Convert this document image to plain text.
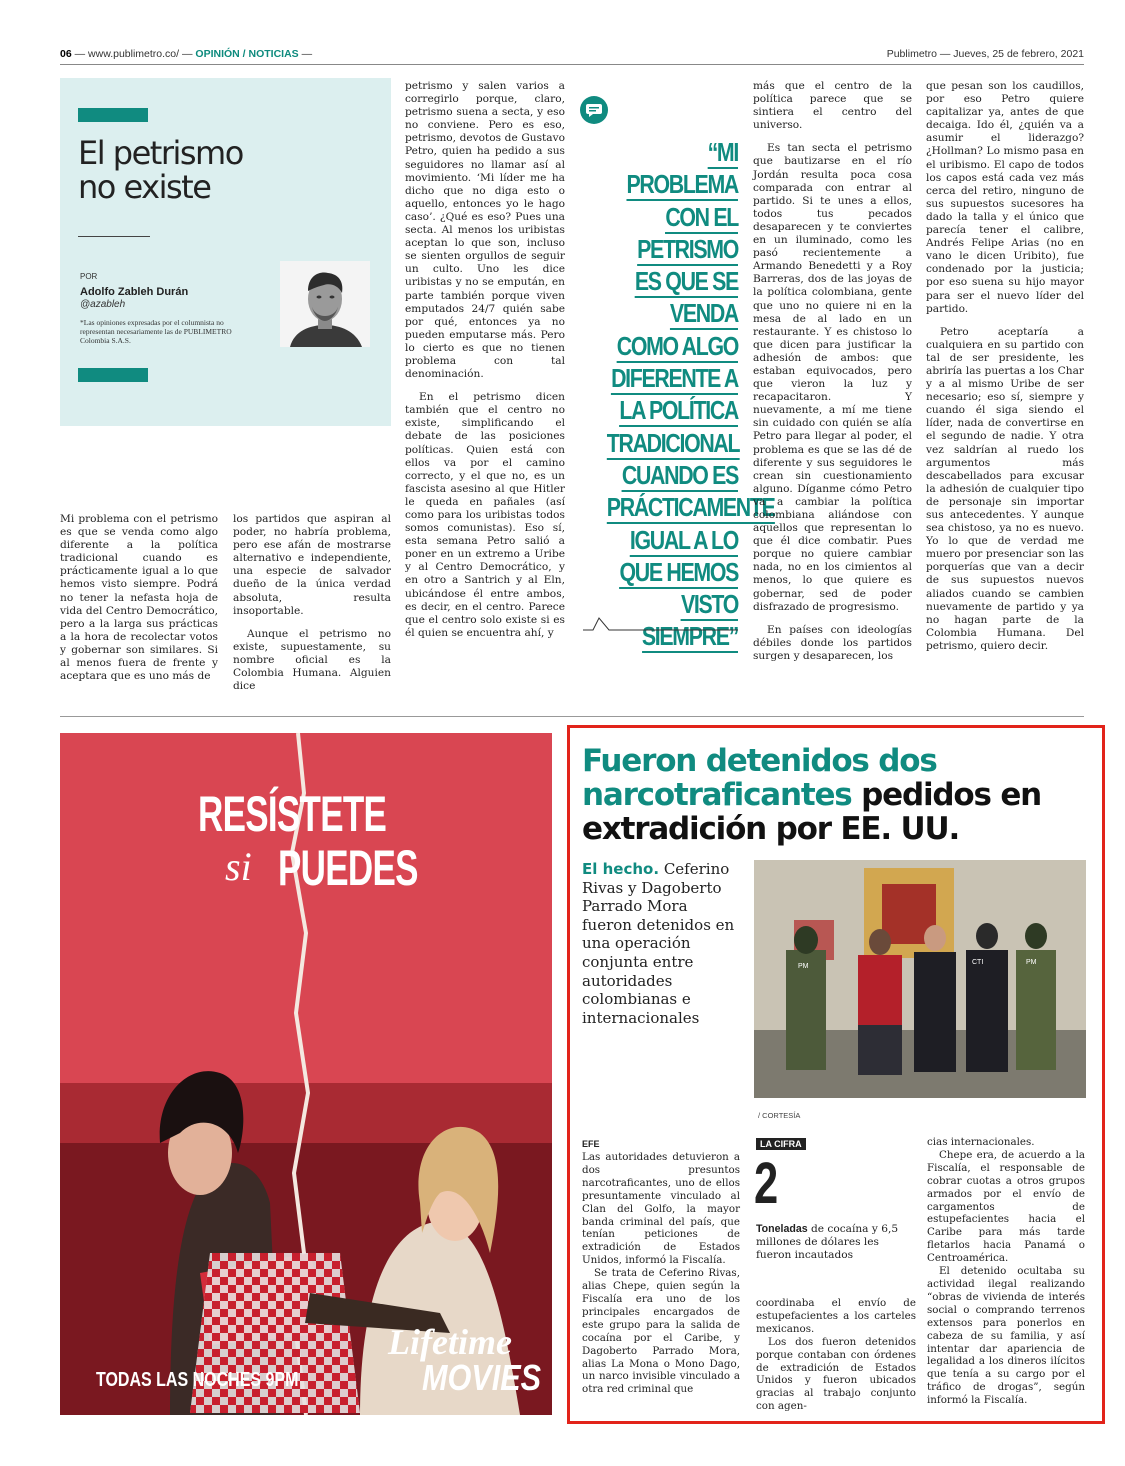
06 — www.publimetro.co/ — OPINIÓN / NOTICIAS —	Publimetro — Jueves, 25 de febrero, 2021
El petrismo
no existe
POR
Adolfo Zableh Durán
@azableh
*Las opiniones expresadas por el columnista no representan necesariamente las de PUBLIMETRO Colombia S.A.S.

Mi problema con el petrismo es que se venda como algo diferente a la política tradicional cuando es prácticamente igual a lo que hemos visto siempre. Podrá no tener la nefasta hoja de vida del Centro Democrático, pero a la larga sus prácticas a la hora de recolectar votos y gobernar son similares. Si al menos fuera de frente y aceptara que es uno más de

los partidos que aspiran al poder, no habría problema, pero ese afán de mostrarse alternativo e independiente, una especie de salvador dueño de la única verdad absoluta, resulta insoportable.

Aunque el petrismo no existe, supuestamente, su nombre oficial es la Colombia Humana. Alguien dice

petrismo y salen varios a corregirlo porque, claro, petrismo suena a secta, y eso no conviene. Pero es eso, petrismo, devotos de Gustavo Petro, quien ha pedido a sus seguidores no llamar así al movimiento. ‘Mi líder me ha dicho que no diga esto o aquello, entonces yo le hago caso’. ¿Qué es eso? Pues una secta. Al menos los uribistas aceptan lo que son, incluso se sienten orgullos de seguir un culto. Uno les dice uribistas y no se empután, en parte también porque viven emputados 24/7 quién sabe por qué, entonces ya no pueden emputarse más. Pero lo cierto es que no tienen problema con tal denominación.

En el petrismo dicen también que el centro no existe, simplificando el debate de las posiciones políticas. Quien está con ellos va por el camino correcto, y el que no, es un fascista asesino al que Hitler le queda en pañales (así como para los uribistas todos somos comunistas). Eso sí, esta semana Petro salió a poner en un extremo a Uribe y al Centro Democrático, y en otro a Santrich y al Eln, ubicándose él entre ambos, es decir, en el centro. Parece que el centro solo existe si es él quien se encuentra ahí, y

“MI PROBLEMA CON EL PETRISMO ES QUE SE VENDA COMO ALGO DIFERENTE A LA POLÍTICA TRADICIONAL CUANDO ES PRÁCTICAMENTE IGUAL A LO QUE HEMOS VISTO SIEMPRE”

más que el centro de la política parece que se sintiera el centro del universo.

Es tan secta el petrismo que bautizarse en el río Jordán resulta poca cosa comparada con entrar al partido. Si te unes a ellos, todos tus pecados desaparecen y te conviertes en un iluminado, como les pasó recientemente a Armando Benedetti y a Roy Barreras, dos de las joyas de la política colombiana, gente que uno no quiere ni en la mesa de al lado en un restaurante. Y es chistoso lo que dicen para justificar la adhesión de ambos: que estaban equivocados, pero que vieron la luz y recapacitaron. Y nuevamente, a mí me tiene sin cuidado con quién se alía Petro para llegar al poder, el problema es que se las dé de diferente y sus seguidores le crean sin cuestionamiento alguno. Díganme cómo Petro va a cambiar la política colombiana aliándose con aquellos que representan lo que él dice combatir. Pues porque no quiere cambiar nada, no en los cimientos al menos, lo que quiere es gobernar, sed de poder disfrazado de progresismo.

En países con ideologías débiles donde los partidos surgen y desaparecen, los

que pesan son los caudillos, por eso Petro quiere capitalizar ya, antes de que decaiga. Ido él, ¿quién va a asumir el liderazgo? ¿Hollman? Lo mismo pasa en el uribismo. El capo de todos los capos está cada vez más cerca del retiro, ninguno de sus supuestos sucesores ha dado la talla y el único que parecía tener el calibre, Andrés Felipe Arias (no en vano le dicen Uribito), fue condenado por la justicia; por eso suena su hijo mayor para ser el nuevo líder del partido.

Petro aceptaría a cualquiera en su partido con tal de ser presidente, les abriría las puertas a los Char y a al mismo Uribe de ser necesario; eso sí, siempre y cuando él siga siendo el líder, nada de convertirse en el segundo de nadie. Y otra vez saldrían al ruedo los argumentos más descabellados para excusar la adhesión de cualquier tipo de personaje sin importar sus antecedentes. Y aunque sea chistoso, ya no es nuevo. Yo lo que de verdad me muero por presenciar son las porquerías que van a decir de sus supuestos nuevos aliados cuando se cambien nuevamente de partido y ya no hagan parte de la Colombia Humana. Del petrismo, quiero decir.

RESÍSTETE
si PUEDES
TODAS LAS NOCHES 9PM
Lifetime
MOVIES
Fueron detenidos dos narcotraficantes pedidos en extradición por EE. UU.
El hecho. Ceferino Rivas y Dagoberto Parrado Mora fueron detenidos en una operación conjunta entre autoridades colombianas e internacionales
PM
CTI	PM
/ CORTESÍA
EFE	LA CIFRA
2
Toneladas de cocaína y 6,5 millones de dólares les fueron incautados

Las autoridades detuvieron a dos presuntos narcotraficantes, uno de ellos presuntamente vinculado al Clan del Golfo, la mayor banda criminal del país, que tenían peticiones de extradición de Estados Unidos, informó la Fiscalía.

Se trata de Ceferino Rivas, alias Chepe, quien según la Fiscalía era uno de los principales encargados de este grupo para la salida de cocaína por el Caribe, y Dagoberto Parrado Mora, alias La Mona o Mono Dago, un narco invisible vinculado a otra red criminal que

coordinaba el envío de estupefacientes a los carteles mexicanos.

Los dos fueron detenidos porque contaban con órdenes de extradición de Estados Unidos y fueron ubicados gracias al trabajo conjunto con agen-

cias internacionales.

Chepe era, de acuerdo a la Fiscalía, el responsable de cobrar cuotas a otros grupos armados por el envío de cargamentos de estupefacientes hacia el Caribe para más tarde fletarlos hacia Panamá o Centroamérica.

El detenido ocultaba su actividad ilegal realizando “obras de vivienda de interés social o comprando terrenos extensos para ponerlos en cabeza de su familia, y así intentar dar apariencia de legalidad a los dineros ilícitos que tenía a su cargo por el tráfico de drogas”, según informó la Fiscalía.
